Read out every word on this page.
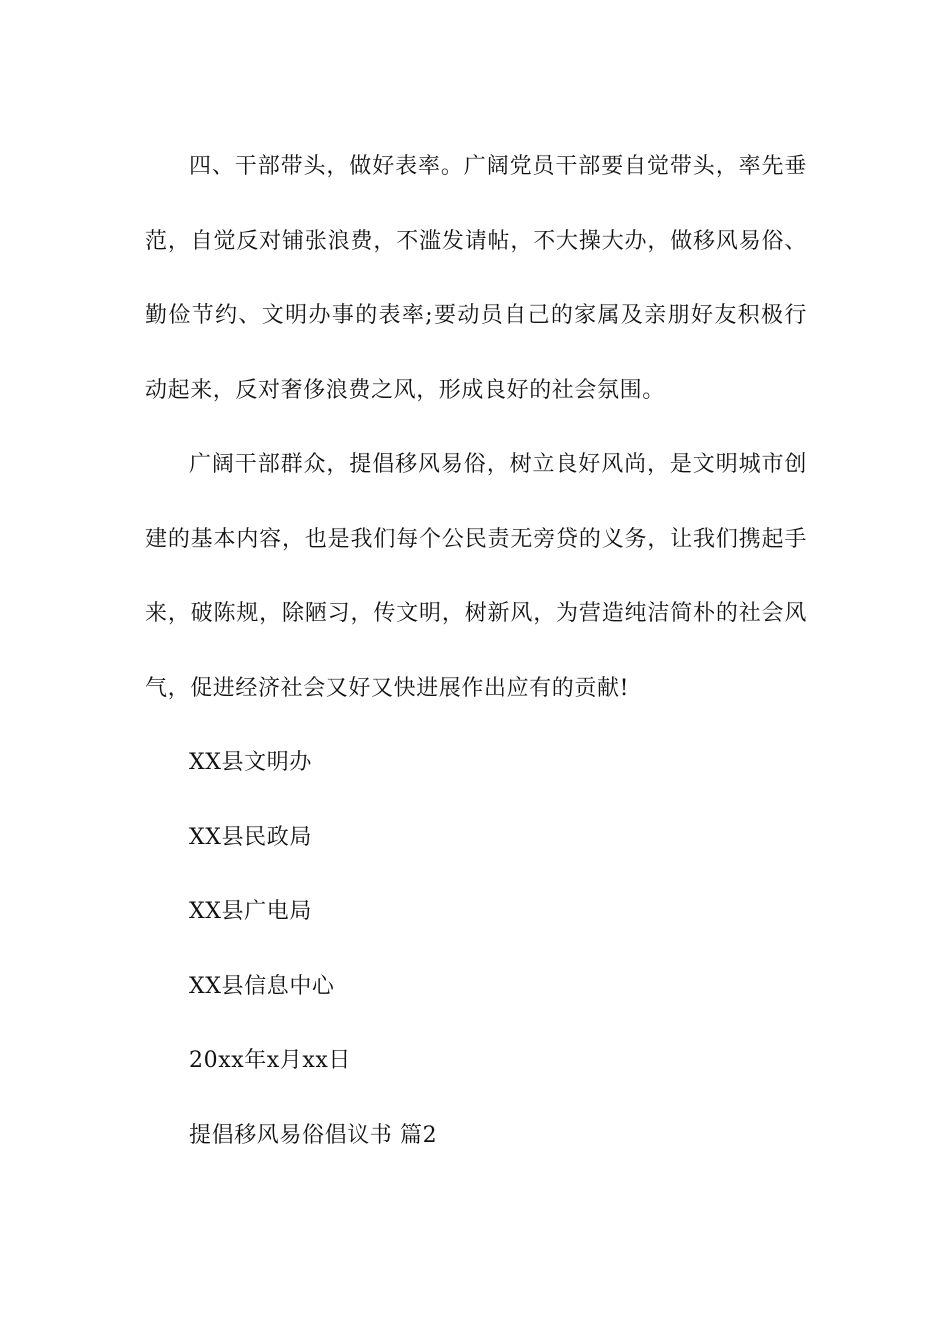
四、干部带头，做好表率。广阔党员干部要自觉带头，率先垂范，自觉反对铺张浪费，不滥发请帖，不大操大办，做移风易俗、勤俭节约、文明办事的表率;要动员自己的家属及亲朋好友积极行动起来，反对奢侈浪费之风，形成良好的社会氛围。

广阔干部群众，提倡移风易俗，树立良好风尚，是文明城市创建的基本内容，也是我们每个公民责无旁贷的义务，让我们携起手来，破陈规，除陋习，传文明，树新风，为营造纯洁简朴的社会风气，促进经济社会又好又快进展作出应有的贡献!

XX县文明办

XX县民政局

XX县广电局

XX县信息中心

20xx年x月xx日

提倡移风易俗倡议书 篇2
